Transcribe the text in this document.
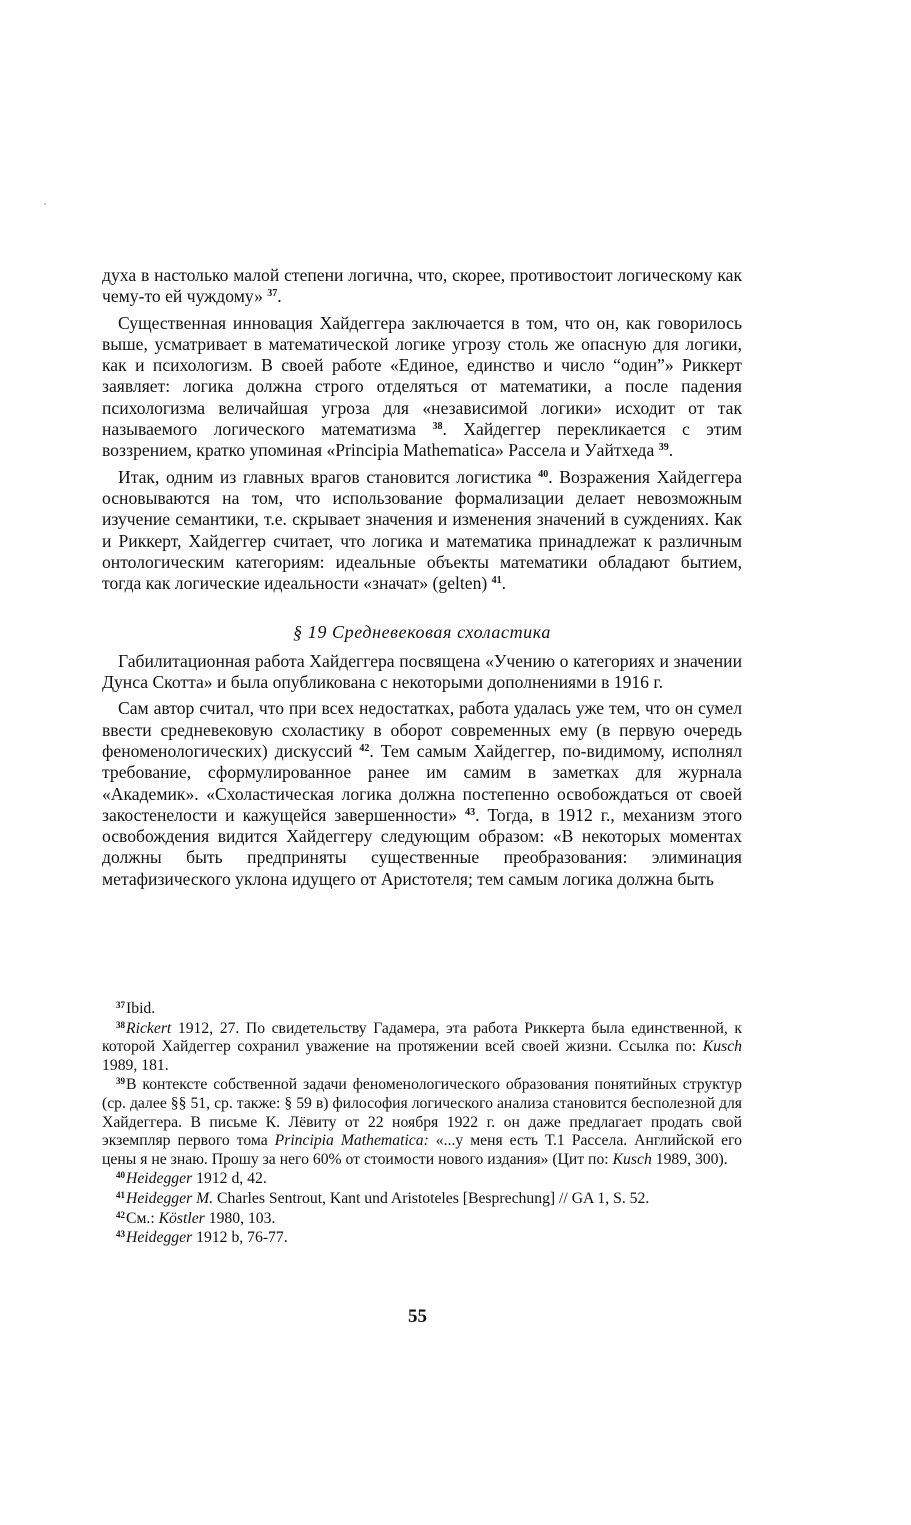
духа в настолько малой степени логична, что, скорее, противостоит логическому как чему-то ей чуждому» $^{37}$.

Существенная инновация Хайдеггера заключается в том, что он, как говорилось выше, усматривает в математической логике угрозу столь же опасную для логики, как и психологизм. В своей работе «Единое, единство и число “один”» Риккерт заявляет: логика должна строго отделяться от математики, а после падения психологизма величайшая угроза для «независимой логики» исходит от так называемого логического математизма $^{38}$. Хайдеггер перекликается с этим воззрением, кратко упоминая «Principia Mathematica» Рассела и Уайтхеда $^{39}$.

Итак, одним из главных врагов становится логистика $^{40}$. Возражения Хайдеггера основываются на том, что использование формализации делает невозможным изучение семантики, т.е. скрывает значения и изменения значений в суждениях. Как и Риккерт, Хайдеггер считает, что логика и математика принадлежат к различным онтологическим категориям: идеальные объекты математики обладают бытием, тогда как логические идеальности «значат» (gelten) $^{41}$.

§ 19 Средневековая схоластика

Габилитационная работа Хайдеггера посвящена «Учению о категориях и значении Дунса Скотта» и была опубликована с некоторыми дополнениями в 1916 г.

Сам автор считал, что при всех недостатках, работа удалась уже тем, что он сумел ввести средневековую схоластику в оборот современных ему (в первую очередь феноменологических) дискуссий $^{42}$. Тем самым Хайдеггер, по-видимому, исполнял требование, сформулированное ранее им самим в заметках для журнала «Академик». «Схоластическая логика должна постепенно освобождаться от своей закостенелости и кажущейся завершенности» $^{43}$. Тогда, в 1912 г., механизм этого освобождения видится Хайдеггеру следующим образом: «В некоторых моментах должны быть предприняты существенные преобразования: элиминация метафизического уклона идущего от Аристотеля; тем самым логика должна быть

$^{37}$Ibid.

$^{38}$Rickert 1912, 27. По свидетельству Гадамера, эта работа Риккерта была единственной, к которой Хайдеггер сохранил уважение на протяжении всей своей жизни. Ссылка по: Kusch 1989, 181.

$^{39}$В контексте собственной задачи феноменологического образования понятийных структур (ср. далее §§ 51, ср. также: § 59 в) философия логического анализа становится бесполезной для Хайдеггера. В письме К. Лёвиту от 22 ноября 1922 г. он даже предлагает продать свой экземпляр первого тома Principia Mathematica: «...у меня есть Т.1 Рассела. Английской его цены я не знаю. Прошу за него 60% от стоимости нового издания» (Цит по: Kusch 1989, 300).

$^{40}$Heidegger 1912 d, 42.

$^{41}$Heidegger M. Charles Sentrout, Kant und Aristoteles [Besprechung] // GA 1, S. 52.

$^{42}$См.: Köstler 1980, 103.

$^{43}$Heidegger 1912 b, 76-77.

55
